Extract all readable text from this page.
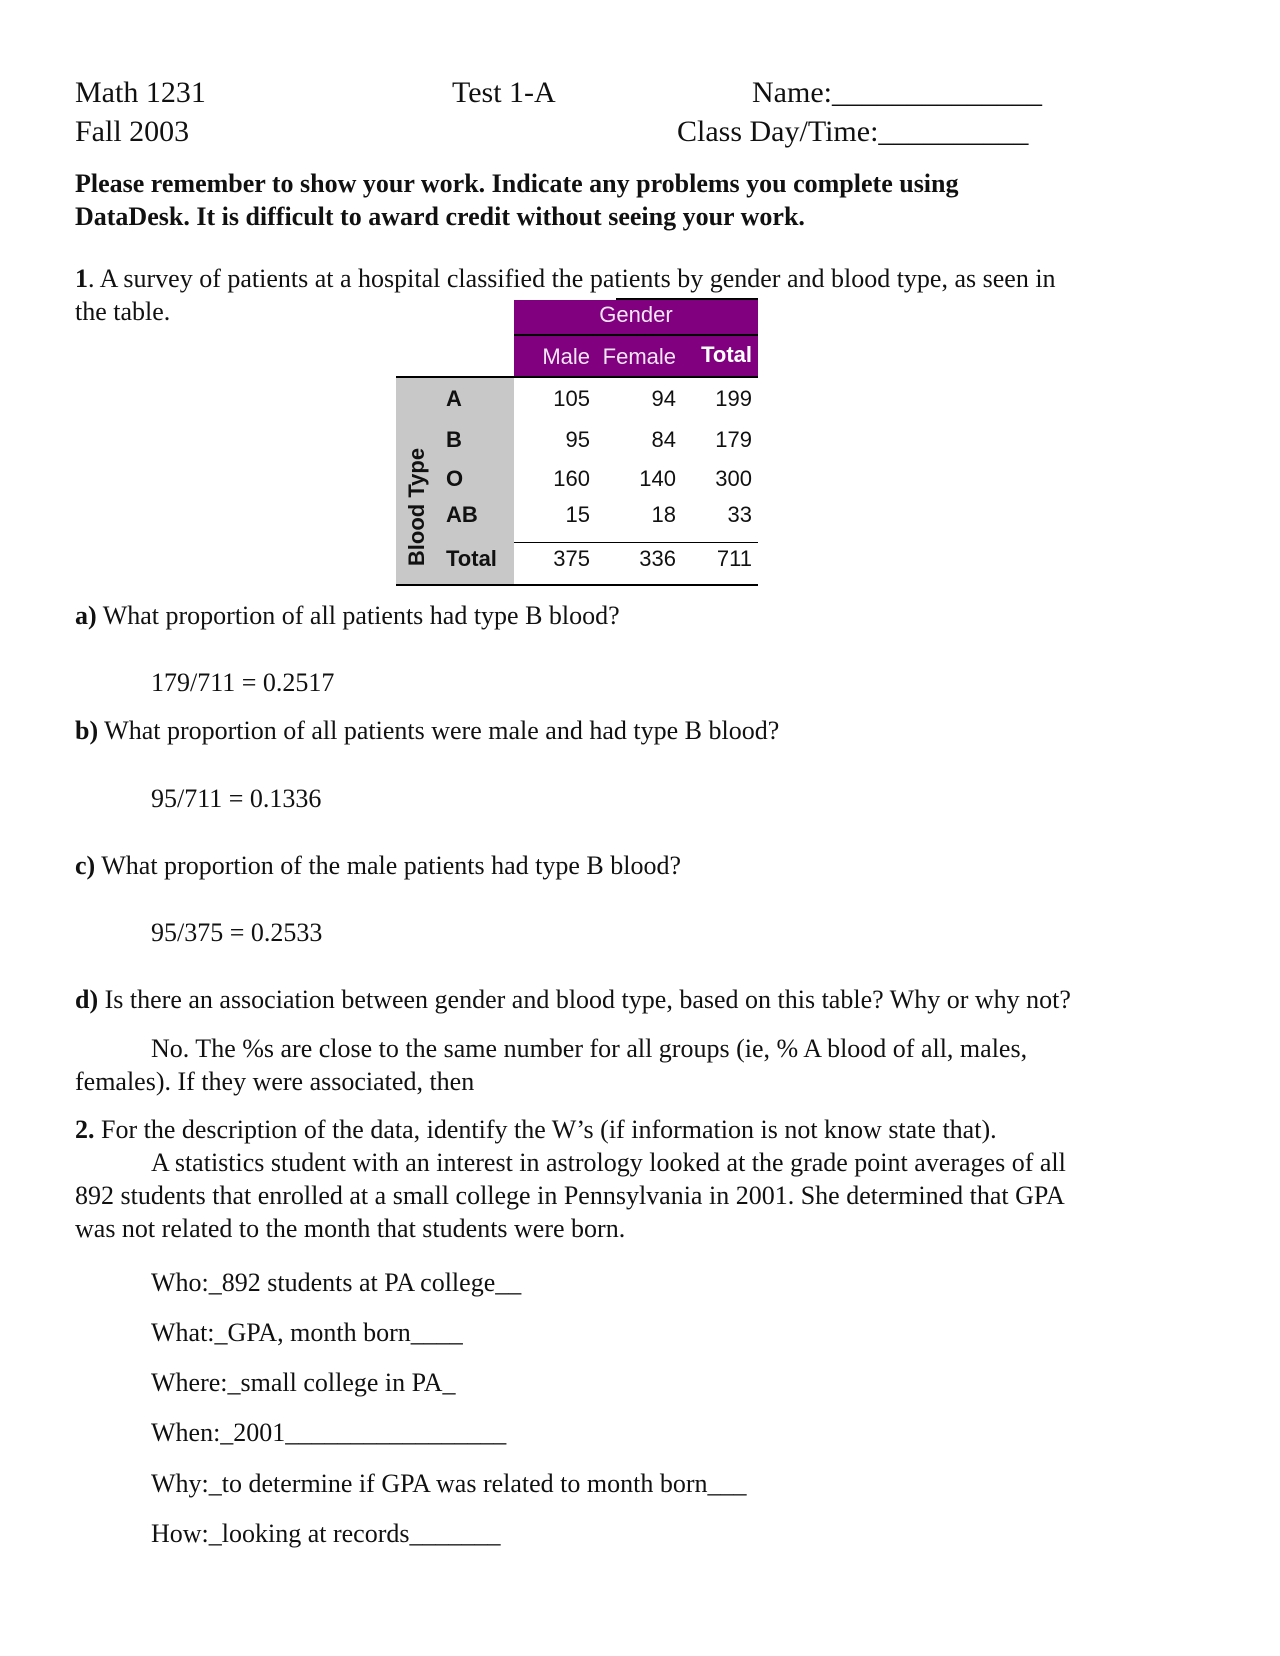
Math 1231
Fall 2003
Test 1-A	Name:______________
Class Day/Time:__________
Please remember to show your work. Indicate any problems you complete using
DataDesk. It is difficult to award credit without seeing your work.
1. A survey of patients at a hospital classified the patients by gender and blood type, as seen in
the table.	Gender
Blood Type
Male Female	Total
A	105	94	199
B	95	84	179
O	160	140	300
AB	15	18	33
Total	375	336	711
a) What proportion of all patients had type B blood?
179/711 = 0.2517
b) What proportion of all patients were male and had type B blood?
95/711 = 0.1336
c) What proportion of the male patients had type B blood?
95/375 = 0.2533
d) Is there an association between gender and blood type, based on this table? Why or why not?
No. The %s are close to the same number for all groups (ie, % A blood of all, males,
females). If they were associated, then
2. For the description of the data, identify the W’s (if information is not know state that).
A statistics student with an interest in astrology looked at the grade point averages of all
892 students that enrolled at a small college in Pennsylvania in 2001. She determined that GPA
was not related to the month that students were born.
Who:_892 students at PA college__
What:_GPA, month born____
Where:_small college in PA_
When:_2001_________________
Why:_to determine if GPA was related to month born___
How:_looking at records_______
